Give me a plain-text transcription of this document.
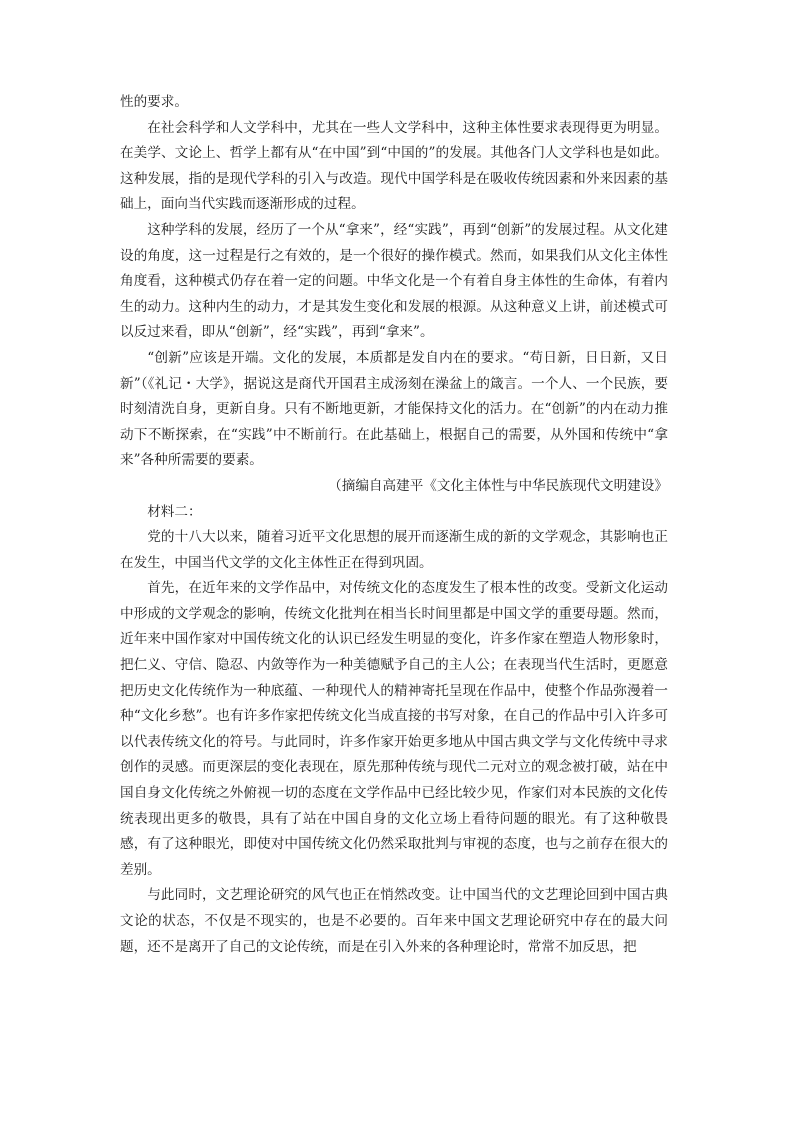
性的要求。

在社会科学和人文学科中，尤其在一些人文学科中，这种主体性要求表现得更为明显。在美学、文论上、哲学上都有从“在中国”到“中国的”的发展。其他各门人文学科也是如此。这种发展，指的是现代学科的引入与改造。现代中国学科是在吸收传统因素和外来因素的基础上，面向当代实践而逐渐形成的过程。

这种学科的发展，经历了一个从“拿来”，经“实践”，再到“创新”的发展过程。从文化建设的角度，这一过程是行之有效的，是一个很好的操作模式。然而，如果我们从文化主体性角度看，这种模式仍存在着一定的问题。中华文化是一个有着自身主体性的生命体，有着内生的动力。这种内生的动力，才是其发生变化和发展的根源。从这种意义上讲，前述模式可以反过来看，即从“创新”，经“实践”，再到“拿来”。

“创新”应该是开端。文化的发展，本质都是发自内在的要求。“苟日新，日日新，又日新”（《礼记・大学》，据说这是商代开国君主成汤刻在澡盆上的箴言。一个人、一个民族，要时刻清洗自身，更新自身。只有不断地更新，才能保持文化的活力。在“创新”的内在动力推动下不断探索，在“实践”中不断前行。在此基础上，根据自己的需要，从外国和传统中“拿来”各种所需要的要素。

（摘编自高建平《文化主体性与中华民族现代文明建设》

材料二：

党的十八大以来，随着习近平文化思想的展开而逐渐生成的新的文学观念，其影响也正在发生，中国当代文学的文化主体性正在得到巩固。

首先，在近年来的文学作品中，对传统文化的态度发生了根本性的改变。受新文化运动中形成的文学观念的影响，传统文化批判在相当长时间里都是中国文学的重要母题。然而，近年来中国作家对中国传统文化的认识已经发生明显的变化，许多作家在塑造人物形象时，把仁义、守信、隐忍、内敛等作为一种美德赋予自己的主人公；在表现当代生活时，更愿意把历史文化传统作为一种底蕴、一种现代人的精神寄托呈现在作品中，使整个作品弥漫着一种“文化乡愁”。也有许多作家把传统文化当成直接的书写对象，在自己的作品中引入许多可以代表传统文化的符号。与此同时，许多作家开始更多地从中国古典文学与文化传统中寻求创作的灵感。而更深层的变化表现在，原先那种传统与现代二元对立的观念被打破，站在中国自身文化传统之外俯视一切的态度在文学作品中已经比较少见，作家们对本民族的文化传统表现出更多的敬畏，具有了站在中国自身的文化立场上看待问题的眼光。有了这种敬畏感，有了这种眼光，即使对中国传统文化仍然采取批判与审视的态度，也与之前存在很大的差别。

与此同时，文艺理论研究的风气也正在悄然改变。让中国当代的文艺理论回到中国古典文论的状态，不仅是不现实的，也是不必要的。百年来中国文艺理论研究中存在的最大问题，还不是离开了自己的文论传统，而是在引入外来的各种理论时，常常不加反思，把
